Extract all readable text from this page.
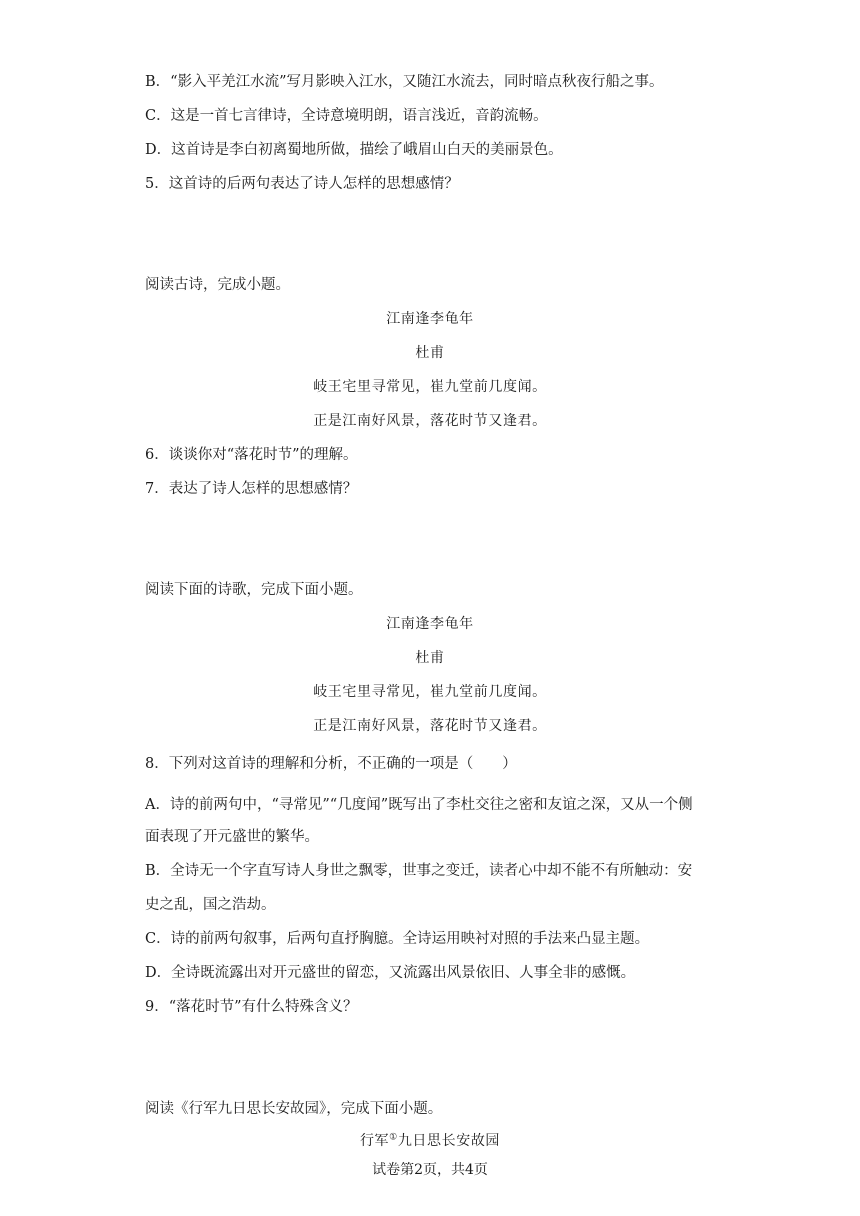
B．“影入平羌江水流”写月影映入江水，又随江水流去，同时暗点秋夜行船之事。
C．这是一首七言律诗，全诗意境明朗，语言浅近，音韵流畅。
D．这首诗是李白初离蜀地所做，描绘了峨眉山白天的美丽景色。
5．这首诗的后两句表达了诗人怎样的思想感情？
阅读古诗，完成小题。
江南逢李龟年
杜甫
岐王宅里寻常见，崔九堂前几度闻。
正是江南好风景，落花时节又逢君。
6．谈谈你对“落花时节”的理解。
7．表达了诗人怎样的思想感情？
阅读下面的诗歌，完成下面小题。
江南逢李龟年
杜甫
岐王宅里寻常见，崔九堂前几度闻。
正是江南好风景，落花时节又逢君。
8．下列对这首诗的理解和分析，不正确的一项是（　　）
A．诗的前两句中，“寻常见”“几度闻”既写出了李杜交往之密和友谊之深，又从一个侧
面表现了开元盛世的繁华。
B．全诗无一个字直写诗人身世之飘零，世事之变迁，读者心中却不能不有所触动：安
史之乱，国之浩劫。
C．诗的前两句叙事，后两句直抒胸臆。全诗运用映衬对照的手法来凸显主题。
D．全诗既流露出对开元盛世的留恋，又流露出风景依旧、人事全非的感慨。
9．“落花时节”有什么特殊含义？
阅读《行军九日思长安故园》，完成下面小题。
行军①九日思长安故园
试卷第2页，共4页
